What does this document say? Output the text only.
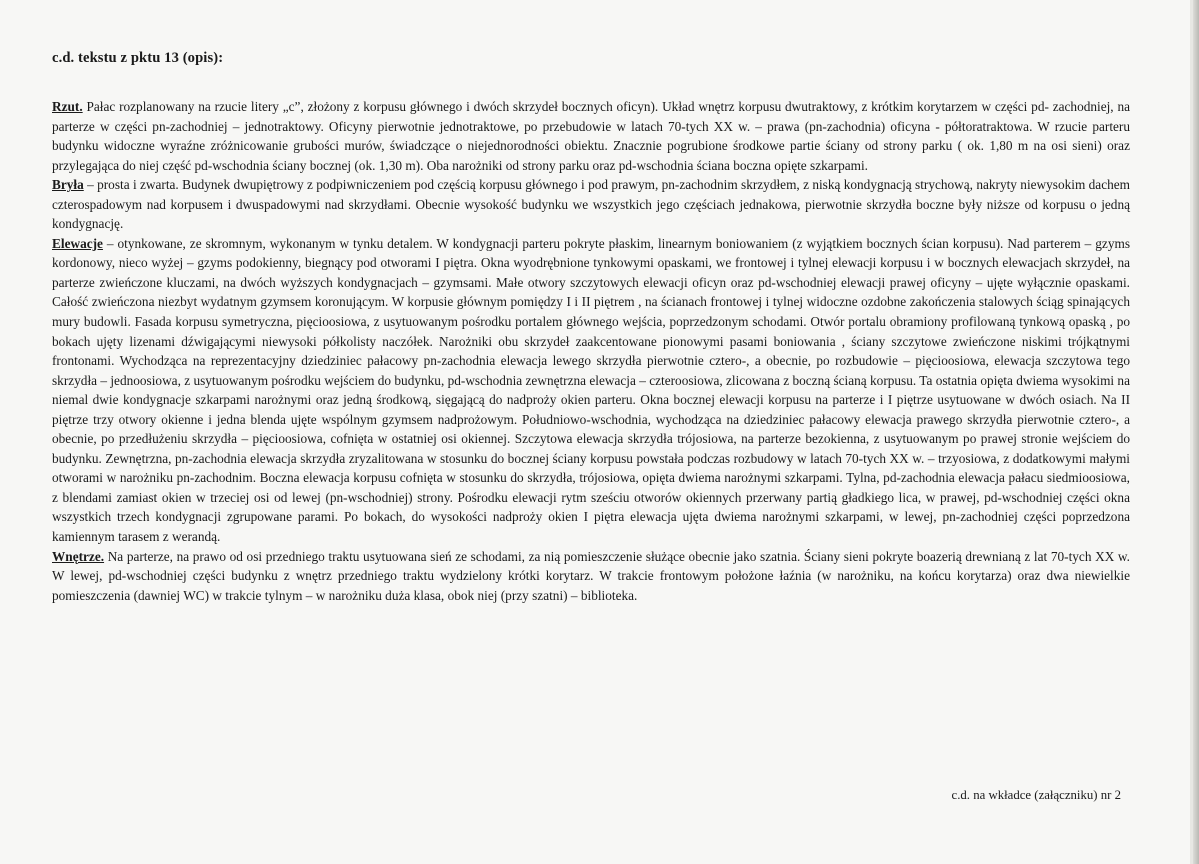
c.d. tekstu z pktu 13 (opis):

Rzut. Pałac rozplanowany na rzucie litery „c”, złożony z korpusu głównego i dwóch skrzydeł bocznych oficyn). Układ wnętrz korpusu dwutraktowy, z krótkim korytarzem w części pd- zachodniej, na parterze w części pn-zachodniej – jednotraktowy. Oficyny pierwotnie jednotraktowe, po przebudowie w latach 70-tych XX w. – prawa (pn-zachodnia) oficyna - półtoratraktowa. W rzucie parteru budynku widoczne wyraźne zróżnicowanie grubości murów, świadczące o niejednorodności obiektu. Znacznie pogrubione środkowe partie ściany od strony parku ( ok. 1,80 m na osi sieni) oraz przylegająca do niej część pd-wschodnia ściany bocznej (ok. 1,30 m). Oba narożniki od strony parku oraz pd-wschodnia ściana boczna opięte szkarpami.

Bryła – prosta i zwarta. Budynek dwupiętrowy z podpiwniczeniem pod częścią korpusu głównego i pod prawym, pn-zachodnim skrzydłem, z niską kondygnacją strychową, nakryty niewysokim dachem czterospadowym nad korpusem i dwuspadowymi nad skrzydłami. Obecnie wysokość budynku we wszystkich jego częściach jednakowa, pierwotnie skrzydła boczne były niższe od korpusu o jedną kondygnację.

Elewacje – otynkowane, ze skromnym, wykonanym w tynku detalem. W kondygnacji parteru pokryte płaskim, linearnym boniowaniem (z wyjątkiem bocznych ścian korpusu). Nad parterem – gzyms kordonowy, nieco wyżej – gzyms podokienny, biegnący pod otworami I piętra. Okna wyodrębnione tynkowymi opaskami, we frontowej i tylnej elewacji korpusu i w bocznych elewacjach skrzydeł, na parterze zwieńczone kluczami, na dwóch wyższych kondygnacjach – gzymsami. Małe otwory szczytowych elewacji oficyn oraz pd-wschodniej elewacji prawej oficyny – ujęte wyłącznie opaskami. Całość zwieńczona niezbyt wydatnym gzymsem koronującym. W korpusie głównym pomiędzy I i II piętrem , na ścianach frontowej i tylnej widoczne ozdobne zakończenia stalowych ściąg spinających mury budowli. Fasada korpusu symetryczna, pięcioosiowa, z usytuowanym pośrodku portalem głównego wejścia, poprzedzonym schodami. Otwór portalu obramiony profilowaną tynkową opaską , po bokach ujęty lizenami dźwigającymi niewysoki półkolisty naczółek. Narożniki obu skrzydeł zaakcentowane pionowymi pasami boniowania , ściany szczytowe zwieńczone niskimi trójkątnymi frontonami. Wychodząca na reprezentacyjny dziedziniec pałacowy pn-zachodnia elewacja lewego skrzydła pierwotnie cztero-, a obecnie, po rozbudowie – pięcioosiowa, elewacja szczytowa tego skrzydła – jednoosiowa, z usytuowanym pośrodku wejściem do budynku, pd-wschodnia zewnętrzna elewacja – czteroosiowa, zlicowana z boczną ścianą korpusu. Ta ostatnia opięta dwiema wysokimi na niemal dwie kondygnacje szkarpami narożnymi oraz jedną środkową, sięgającą do nadproży okien parteru. Okna bocznej elewacji korpusu na parterze i I piętrze usytuowane w dwóch osiach. Na II piętrze trzy otwory okienne i jedna blenda ujęte wspólnym gzymsem nadprożowym. Południowo-wschodnia, wychodząca na dziedziniec pałacowy elewacja prawego skrzydła pierwotnie cztero-, a obecnie, po przedłużeniu skrzydła – pięcioosiowa, cofnięta w ostatniej osi okiennej. Szczytowa elewacja skrzydła trójosiowa, na parterze bezokienna, z usytuowanym po prawej stronie wejściem do budynku. Zewnętrzna, pn-zachodnia elewacja skrzydła zryzalitowana w stosunku do bocznej ściany korpusu powstała podczas rozbudowy w latach 70-tych XX w. – trzyosiowa, z dodatkowymi małymi otworami w narożniku pn-zachodnim. Boczna elewacja korpusu cofnięta w stosunku do skrzydła, trójosiowa, opięta dwiema narożnymi szkarpami. Tylna, pd-zachodnia elewacja pałacu siedmioosiowa, z blendami zamiast okien w trzeciej osi od lewej (pn-wschodniej) strony. Pośrodku elewacji rytm sześciu otworów okiennych przerwany partią gładkiego lica, w prawej, pd-wschodniej części okna wszystkich trzech kondygnacji zgrupowane parami. Po bokach, do wysokości nadproży okien I piętra elewacja ujęta dwiema narożnymi szkarpami, w lewej, pn-zachodniej części poprzedzona kamiennym tarasem z werandą.

Wnętrze. Na parterze, na prawo od osi przedniego traktu usytuowana sień ze schodami, za nią pomieszczenie służące obecnie jako szatnia. Ściany sieni pokryte boazerią drewnianą z lat 70-tych XX w. W lewej, pd-wschodniej części budynku z wnętrz przedniego traktu wydzielony krótki korytarz. W trakcie frontowym położone łaźnia (w narożniku, na końcu korytarza) oraz dwa niewielkie pomieszczenia (dawniej WC) w trakcie tylnym – w narożniku duża klasa, obok niej (przy szatni) – biblioteka.

c.d. na wkładce (załączniku) nr 2
